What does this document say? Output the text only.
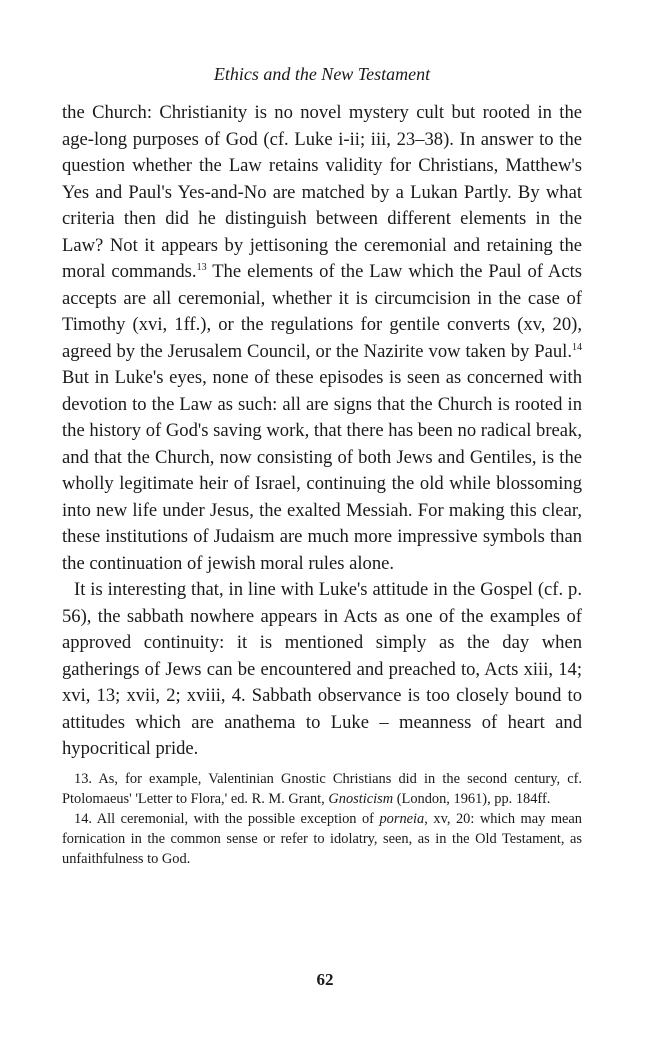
Ethics and the New Testament

the Church: Christianity is no novel mystery cult but rooted in the age-long purposes of God (cf. Luke i-ii; iii, 23–38). In answer to the question whether the Law retains validity for Christians, Matthew's Yes and Paul's Yes-and-No are matched by a Lukan Partly. By what criteria then did he distinguish between different elements in the Law? Not it appears by jettisoning the ceremonial and retaining the moral commands.$^{13}$ The elements of the Law which the Paul of Acts accepts are all ceremonial, whether it is circumcision in the case of Timothy (xvi, 1ff.), or the regulations for gentile converts (xv, 20), agreed by the Jerusalem Council, or the Nazirite vow taken by Paul.$^{14}$ But in Luke's eyes, none of these episodes is seen as concerned with devotion to the Law as such: all are signs that the Church is rooted in the history of God's saving work, that there has been no radical break, and that the Church, now consisting of both Jews and Gentiles, is the wholly legitimate heir of Israel, continuing the old while blossoming into new life under Jesus, the exalted Messiah. For making this clear, these institutions of Judaism are much more impressive symbols than the continuation of jewish moral rules alone.

It is interesting that, in line with Luke's attitude in the Gospel (cf. p. 56), the sabbath nowhere appears in Acts as one of the examples of approved continuity: it is mentioned simply as the day when gatherings of Jews can be encountered and preached to, Acts xiii, 14; xvi, 13; xvii, 2; xviii, 4. Sabbath observance is too closely bound to attitudes which are anathema to Luke – meanness of heart and hypocritical pride.

13. As, for example, Valentinian Gnostic Christians did in the second century, cf. Ptolomaeus' 'Letter to Flora,' ed. R. M. Grant, Gnosticism (London, 1961), pp. 184ff.

14. All ceremonial, with the possible exception of porneia, xv, 20: which may mean fornication in the common sense or refer to idolatry, seen, as in the Old Testament, as unfaithfulness to God.

62
